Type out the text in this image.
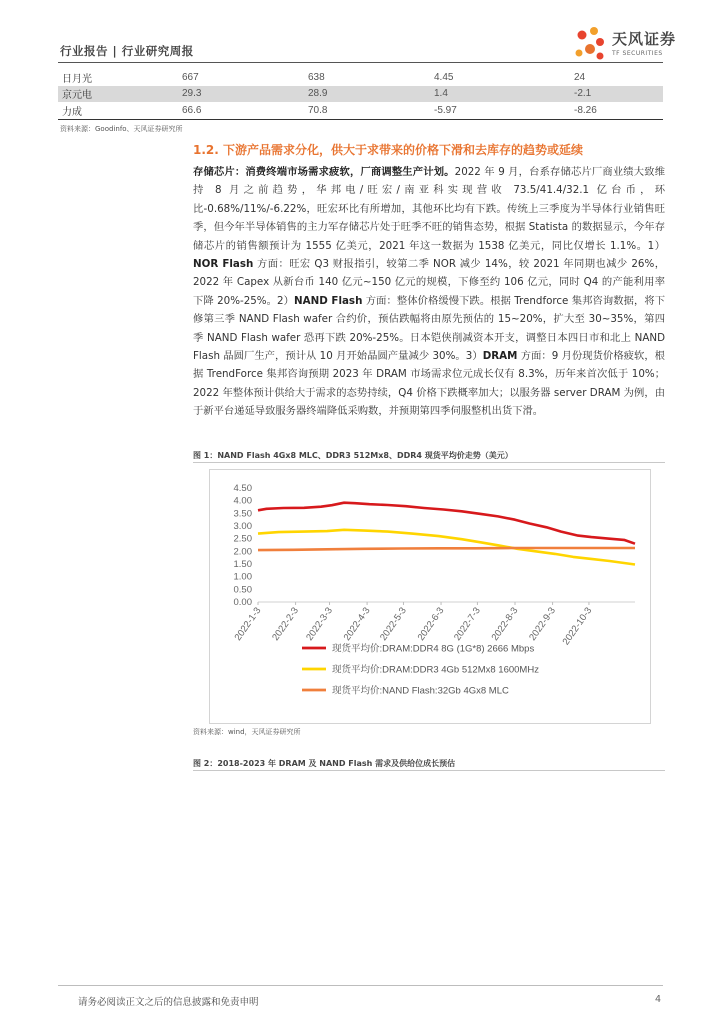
行业报告 | 行业研究周报
天风证券
TF SECURITIES
日月光	667	638	4.45	24
京元电	29.3	28.9	1.4	-2.1
力成	66.6	70.8	-5.97	-8.26
资料来源：Goodinfo、天风证券研究所
1.2. 下游产品需求分化，供大于求带来的价格下滑和去库存的趋势或延续
存储芯片：消费终端市场需求疲软，厂商调整生产计划。2022 年 9 月，台系存储芯片厂商业绩大致维持 8 月之前趋势，华邦电/旺宏/南亚科实现营收 73.5/41.4/32.1 亿台币，环比-0.68%/11%/-6.22%，旺宏环比有所增加，其他环比均有下跌。传统上三季度为半导体行业销售旺季，但今年半导体销售的主力军存储芯片处于旺季不旺的销售态势，根据 Statista 的数据显示，今年存储芯片的销售额预计为 1555 亿美元，2021 年这一数据为 1538 亿美元，同比仅增长 1.1%。1）NOR Flash 方面：旺宏 Q3 财报指引，较第二季 NOR 减少 14%，较 2021 年同期也减少 26%，2022 年 Capex 从新台币 140 亿元~150 亿元的规模，下修至约 106 亿元，同时 Q4 的产能利用率下降 20%-25%。2）NAND Flash 方面：整体价格缓慢下跌。根据 Trendforce 集邦咨询数据，将下修第三季 NAND Flash wafer 合约价，预估跌幅将由原先预估的 15~20%，扩大至 30~35%，第四季 NAND Flash wafer 恐再下跌 20%-25%。日本铠侠削减资本开支，调整日本四日市和北上 NAND Flash 晶圆厂生产，预计从 10 月开始晶圆产量减少 30%。3）DRAM 方面：9 月份现货价格疲软，根据 TrendForce 集邦咨询预期 2023 年 DRAM 市场需求位元成长仅有 8.3%，历年来首次低于 10%；2022 年整体预计供给大于需求的态势持续，Q4 价格下跌概率加大；以服务器 server DRAM 为例，由于新平台递延导致服务器终端降低采购数，并预期第四季伺服整机出货下滑。
图 1：NAND Flash 4Gx8 MLC、DDR3 512Mx8、DDR4 现货平均价走势（美元）
0.00
0.50
1.00
1.50
2.00
2.50
3.00
3.50
4.00
4.50
2022-1-3 2022-2-3 2022-3-3 2022-4-3 2022-5-3 2022-6-3 2022-7-3 2022-8-3 2022-9-3 2022-10-3
现货平均价:DRAM:DDR4 8G (1G*8) 2666 Mbps
现货平均价:DRAM:DDR3 4Gb 512Mx8 1600MHz
现货平均价:NAND Flash:32Gb 4Gx8 MLC
资料来源：wind，天风证券研究所
图 2：2018-2023 年 DRAM 及 NAND Flash 需求及供给位成长预估
请务必阅读正文之后的信息披露和免责申明	4
